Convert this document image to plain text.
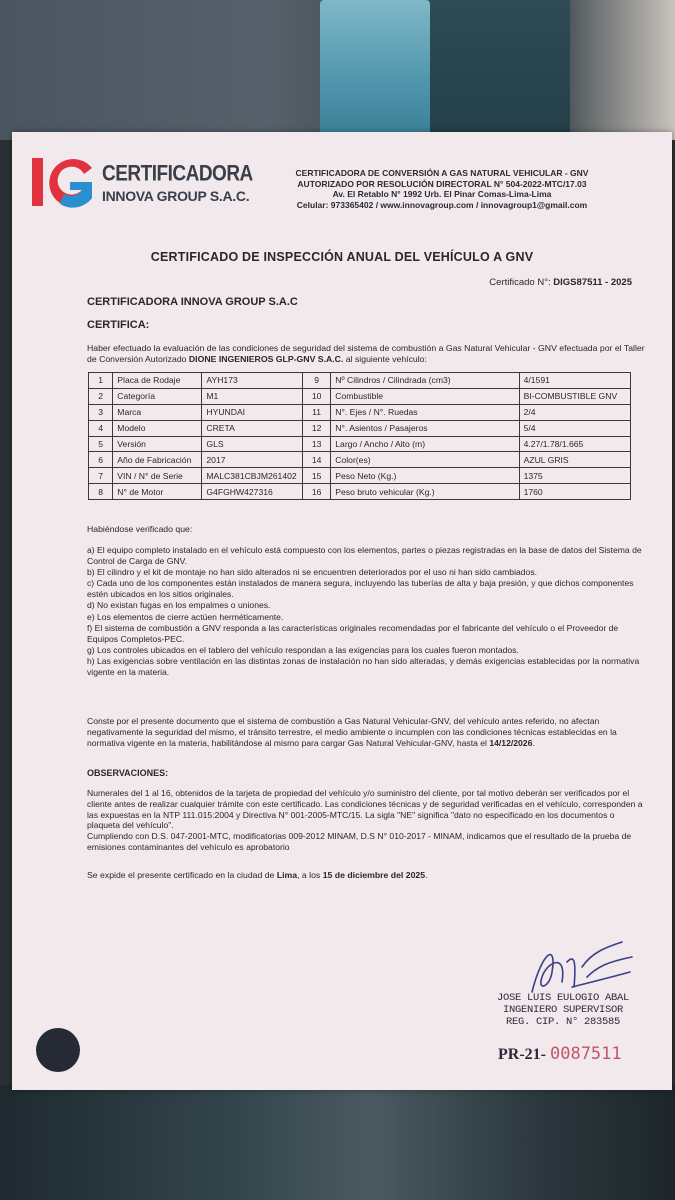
CERTIFICADORA
INNOVA GROUP S.A.C.
CERTIFICADORA DE CONVERSIÓN A GAS NATURAL VEHICULAR - GNV
AUTORIZADO POR RESOLUCIÓN DIRECTORAL N° 504-2022-MTC/17.03
Av. El Retablo N° 1992 Urb. El Pinar Comas-Lima-Lima
Celular: 973365402 / www.innovagroup.com / innovagroup1@gmail.com
CERTIFICADO DE INSPECCIÓN ANUAL DEL VEHÍCULO A GNV
Certificado N°: DIGS87511 - 2025
CERTIFICADORA INNOVA GROUP S.A.C
CERTIFICA:
Haber efectuado la evaluación de las condiciones de seguridad del sistema de combustión a Gas Natural Vehicular - GNV efectuada por el Taller de Conversión Autorizado DIONE INGENIEROS GLP-GNV S.A.C. al siguiente vehículo:
1	Placa de Rodaje	AYH173	9	Nº Cilindros / Cilindrada (cm3)	4/1591
2	Categoría	M1	10	Combustible	BI-COMBUSTIBLE GNV
3	Marca	HYUNDAI	11	N°. Ejes / N°. Ruedas	2/4
4	Modelo	CRETA	12	N°. Asientos / Pasajeros	5/4
5	Versión	GLS	13	Largo / Ancho / Alto (m)	4.27/1.78/1.665
6	Año de Fabricación	2017	14	Color(es)	AZUL GRIS
7	VIN / N° de Serie	MALC381CBJM261402	15	Peso Neto (Kg.)	1375
8	N° de Motor	G4FGHW427316	16	Peso bruto vehicular (Kg.)	1760
Habiéndose verificado que:

a) El equipo completo instalado en el vehículo está compuesto con los elementos, partes o piezas registradas en la base de datos del Sistema de Control de Carga de GNV.

b) El cilindro y el kit de montaje no han sido alterados ni se encuentren deteriorados por el uso ni han sido cambiados.

c) Cada uno de los componentes están instalados de manera segura, incluyendo las tuberías de alta y baja presión, y que dichos componentes estén ubicados en los sitios originales.

d) No existan fugas en los empalmes o uniones.

e) Los elementos de cierre actúen herméticamente.

f) El sistema de combustión a GNV responda a las características originales recomendadas por el fabricante del vehículo o el Proveedor de Equipos Completos-PEC.

g) Los controles ubicados en el tablero del vehículo respondan a las exigencias para los cuales fueron montados.

h) Las exigencias sobre ventilación en las distintas zonas de instalación no han sido alteradas, y demás exigencias establecidas por la normativa vigente en la materia.

Conste por el presente documento que el sistema de combustión a Gas Natural Vehicular-GNV, del vehículo antes referido, no afectan negativamente la seguridad del mismo, el tránsito terrestre, el medio ambiente o incumplen con las condiciones técnicas establecidas en la normativa vigente en la materia, habilitándose al mismo para cargar Gas Natural Vehicular-GNV, hasta el 14/12/2026.
OBSERVACIONES:
Numerales del 1 al 16, obtenidos de la tarjeta de propiedad del vehículo y/o suministro del cliente, por tal motivo deberán ser verificados por el cliente antes de realizar cualquier trámite con este certificado. Las condiciones técnicas y de seguridad verificadas en el vehículo, corresponden a las expuestas en la NTP 111.015:2004 y Directiva N° 001-2005-MTC/15. La sigla "NE" significa "dato no especificado en los documentos o plaqueta del vehículo".
Cumpliendo con D.S. 047-2001-MTC, modificatorias 009-2012 MINAM, D.S N° 010-2017 - MINAM, indicamos que el resultado de la prueba de emisiones contaminantes del vehículo es aprobatorio
Se expide el presente certificado en la ciudad de Lima, a los 15 de diciembre del 2025.
JOSE LUIS EULOGIO ABAL
INGENIERO SUPERVISOR
REG. CIP. N° 283585
PR-21- 0087511
